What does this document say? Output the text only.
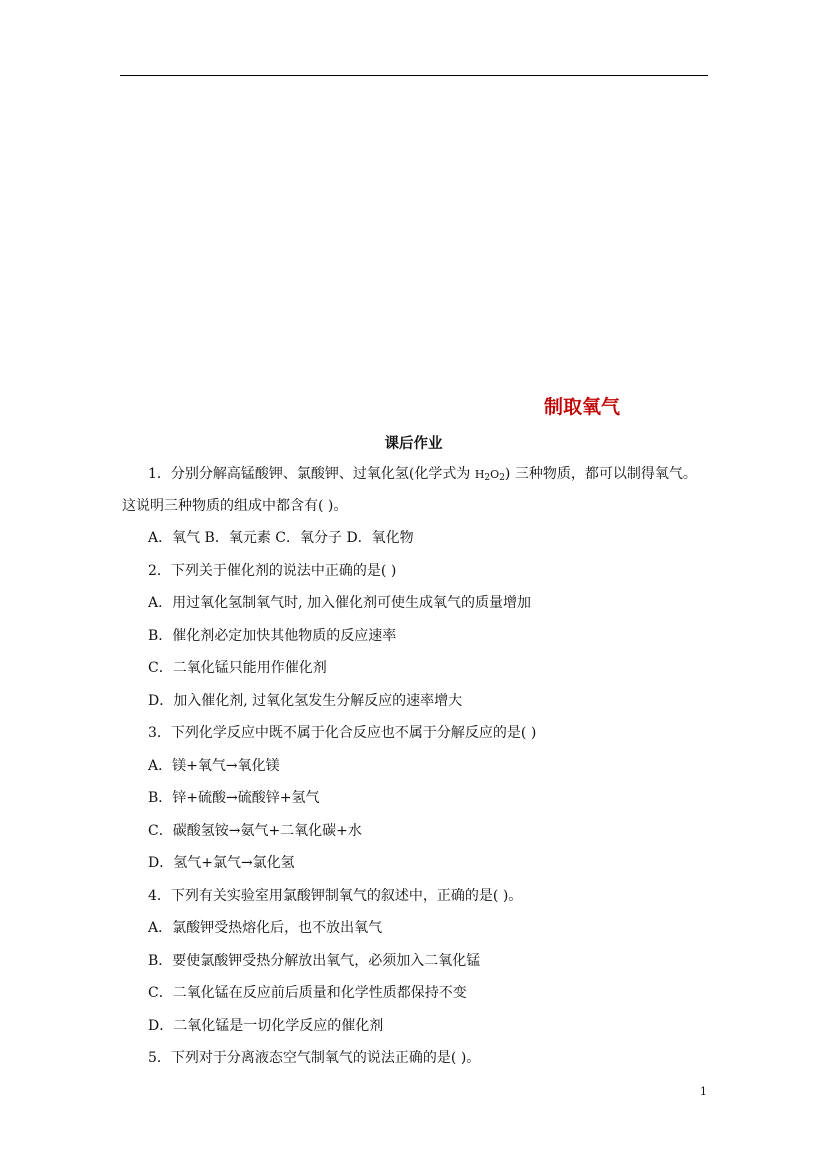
制取氧气
课后作业
1．分别分解高锰酸钾、氯酸钾、过氧化氢(化学式为 $H_2O_2$) 三种物质，都可以制得氧气。
这说明三种物质的组成中都含有( )。
A．氧气 B．氧元素 C．氧分子 D．氧化物
2．下列关于催化剂的说法中正确的是( )
A．用过氧化氢制氧气时, 加入催化剂可使生成氧气的质量增加
B．催化剂必定加快其他物质的反应速率
C．二氧化锰只能用作催化剂
D．加入催化剂, 过氧化氢发生分解反应的速率增大
3．下列化学反应中既不属于化合反应也不属于分解反应的是( )
A．镁+氧气→氧化镁
B．锌+硫酸→硫酸锌+氢气
C．碳酸氢铵→氨气+二氧化碳+水
D．氢气+氯气→氯化氢
4．下列有关实验室用氯酸钾制氧气的叙述中，正确的是( )。
A．氯酸钾受热熔化后，也不放出氧气
B．要使氯酸钾受热分解放出氧气，必须加入二氧化锰
C．二氧化锰在反应前后质量和化学性质都保持不变
D．二氧化锰是一切化学反应的催化剂
5．下列对于分离液态空气制氧气的说法正确的是( )。
1
